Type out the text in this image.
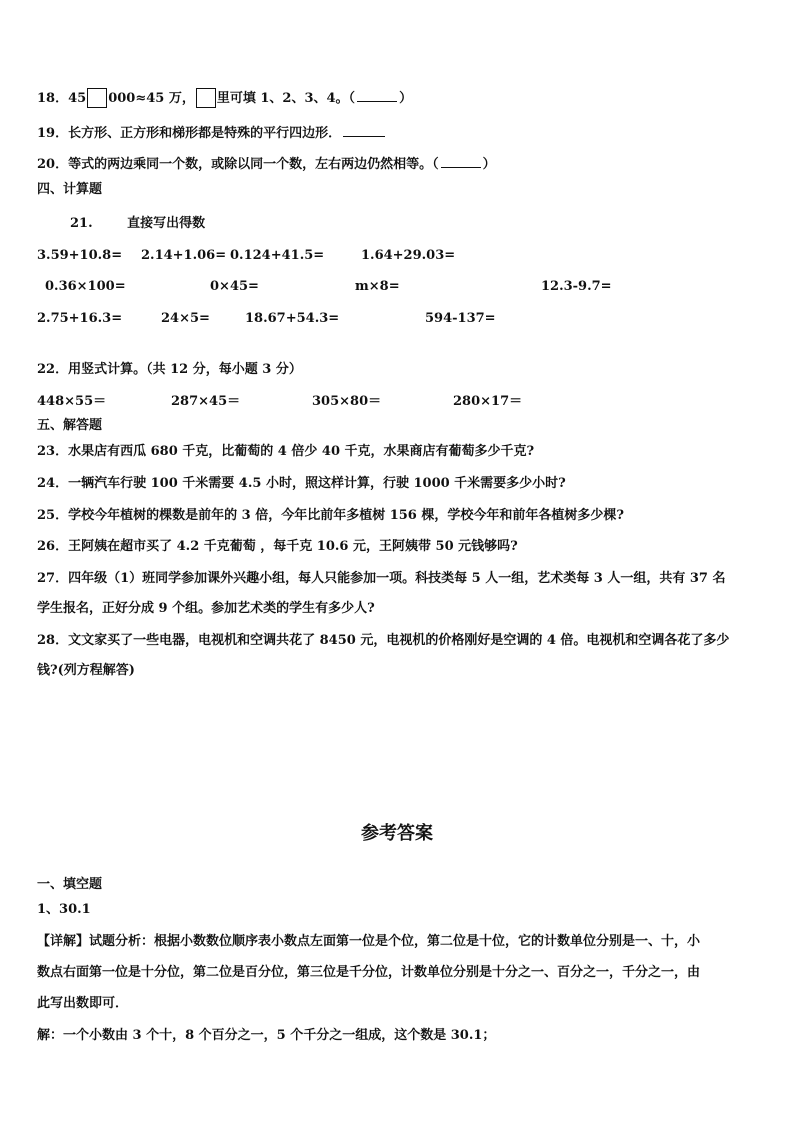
18．45 000≈45 万， 里可填 1、2、3、4。（	）
19．长方形、正方形和梯形都是特殊的平行四边形．
20．等式的两边乘同一个数，或除以同一个数，左右两边仍然相等。（	）
四、计算题
21.	直接写出得数
3.59+10.8= 2.14+1.06= 0.124+41.5=	1.64+29.03=
0.36×100=	0×45=	m×8=	12.3-9.7=
2.75+16.3=	24×5=	18.67+54.3=	594-137=
22．用竖式计算。（共 12 分，每小题 3 分）
448×55＝	287×45＝	305×80＝	280×17＝
五、解答题
23．水果店有西瓜 680 千克，比葡萄的 4 倍少 40 千克，水果商店有葡萄多少千克?
24．一辆汽车行驶 100 千米需要 4.5 小时，照这样计算，行驶 1000 千米需要多少小时?
25．学校今年植树的棵数是前年的 3 倍，今年比前年多植树 156 棵，学校今年和前年各植树多少棵?
26．王阿姨在超市买了 4.2 千克葡萄 ，每千克 10.6 元，王阿姨带 50 元钱够吗?
27．四年级（1）班同学参加课外兴趣小组，每人只能参加一项。科技类每 5 人一组，艺术类每 3 人一组，共有 37 名
学生报名，正好分成 9 个组。参加艺术类的学生有多少人?
28．文文家买了一些电器，电视机和空调共花了 8450 元，电视机的价格刚好是空调的 4 倍。电视机和空调各花了多少
钱?(列方程解答)
参考答案
一、填空题
1、30.1
【详解】试题分析：根据小数数位顺序表小数点左面第一位是个位，第二位是十位，它的计数单位分别是一、十，小
数点右面第一位是十分位，第二位是百分位，第三位是千分位，计数单位分别是十分之一、百分之一，千分之一，由
此写出数即可．
解：一个小数由 3 个十，8 个百分之一，5 个千分之一组成，这个数是 30.1；
